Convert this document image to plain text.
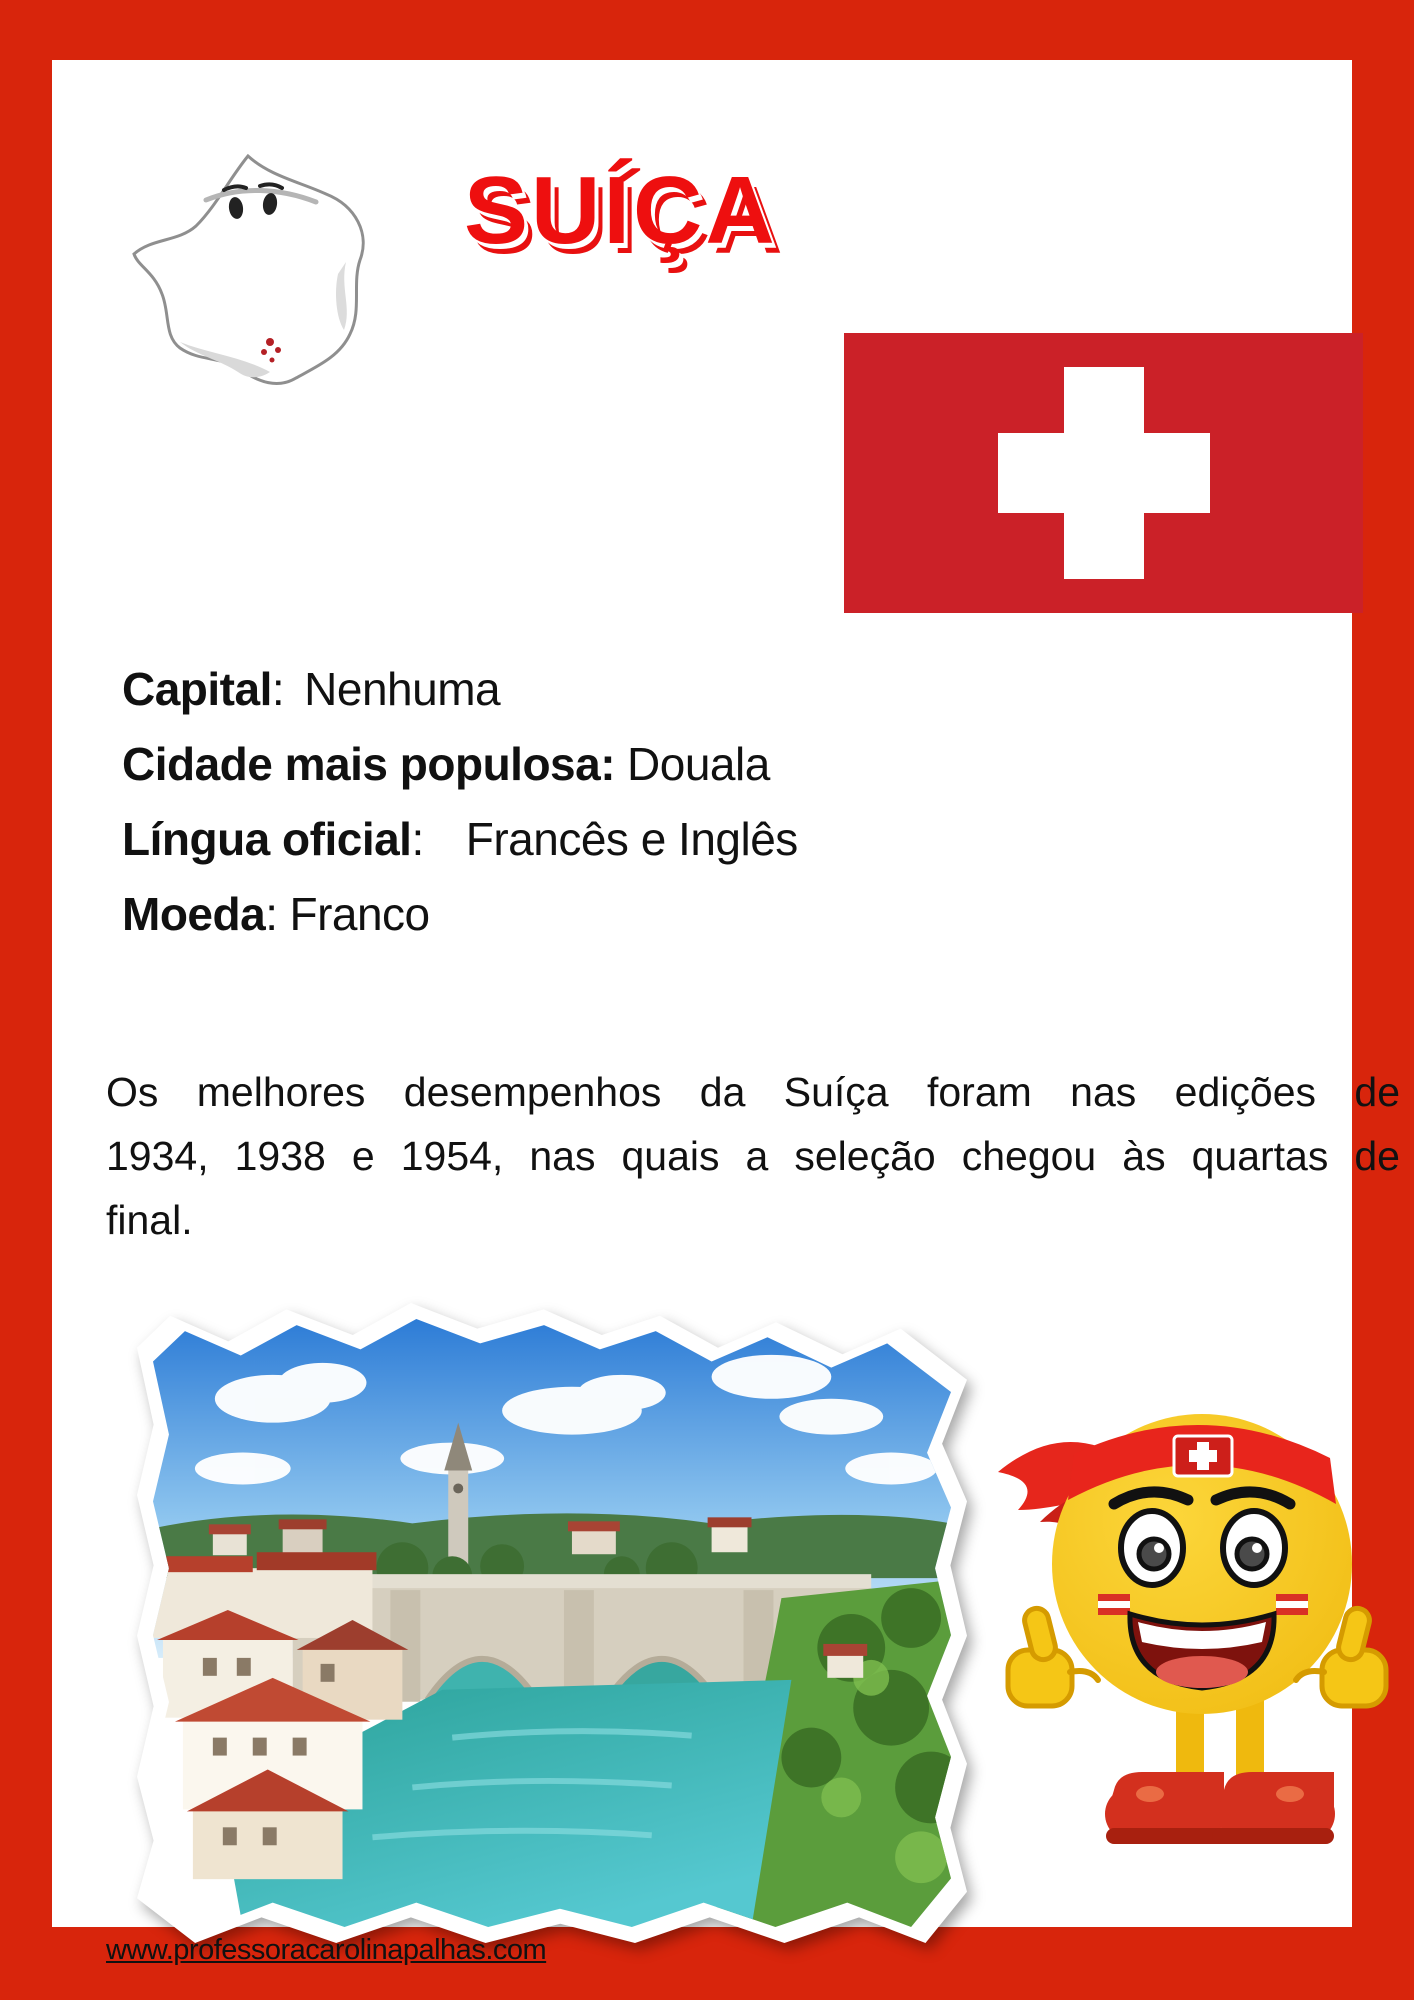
SUÍÇA
Capital: Nenhuma
Cidade mais populosa: Douala
Língua oficial: Francês e Inglês
Moeda: Franco
Os melhores desempenhos da Suíça foram nas edições de
1934, 1938 e 1954, nas quais a seleção chegou às quartas de
final.
www.professoracarolinapalhas.com
